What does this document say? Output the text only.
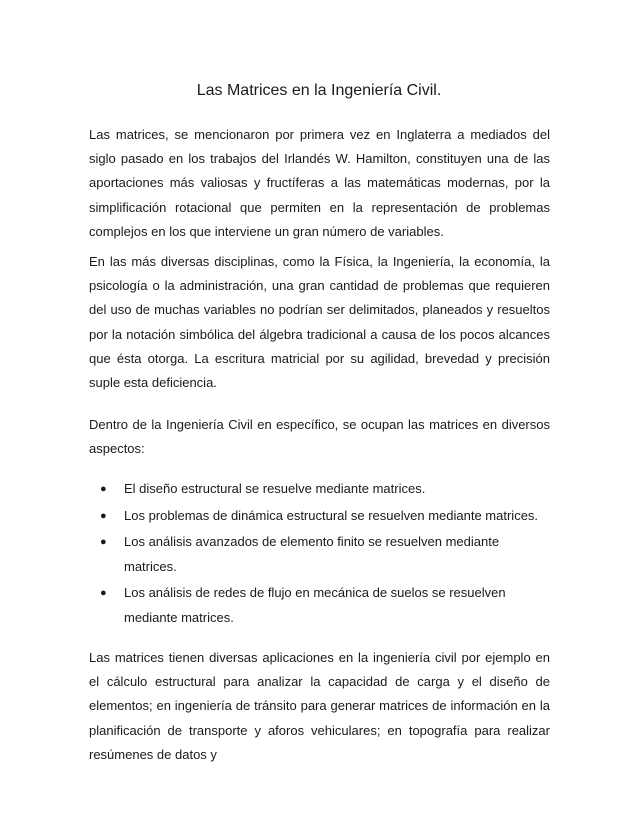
Las Matrices en la Ingeniería Civil.

Las matrices, se mencionaron por primera vez en Inglaterra a mediados del siglo pasado en los trabajos del Irlandés W. Hamilton, constituyen una de las aportaciones más valiosas y fructíferas a las matemáticas modernas, por la simplificación rotacional que permiten en la representación de problemas complejos en los que interviene un gran número de variables.

En las más diversas disciplinas, como la Física, la Ingeniería, la economía, la psicología o la administración, una gran cantidad de problemas que requieren del uso de muchas variables no podrían ser delimitados, planeados y resueltos por la notación simbólica del álgebra tradicional a causa de los pocos alcances que ésta otorga. La escritura matricial por su agilidad, brevedad y precisión suple esta deficiencia.

Dentro de la Ingeniería Civil en específico, se ocupan las matrices en diversos aspectos:

● El diseño estructural se resuelve mediante matrices.
● Los problemas de dinámica estructural se resuelven mediante matrices.
● Los análisis avanzados de elemento finito se resuelven mediante matrices.
● Los análisis de redes de flujo en mecánica de suelos se resuelven mediante matrices.

Las matrices tienen diversas aplicaciones en la ingeniería civil por ejemplo en el cálculo estructural para analizar la capacidad de carga y el diseño de elementos; en ingeniería de tránsito para generar matrices de información en la planificación de transporte y aforos vehiculares; en topografía para realizar resúmenes de datos y
